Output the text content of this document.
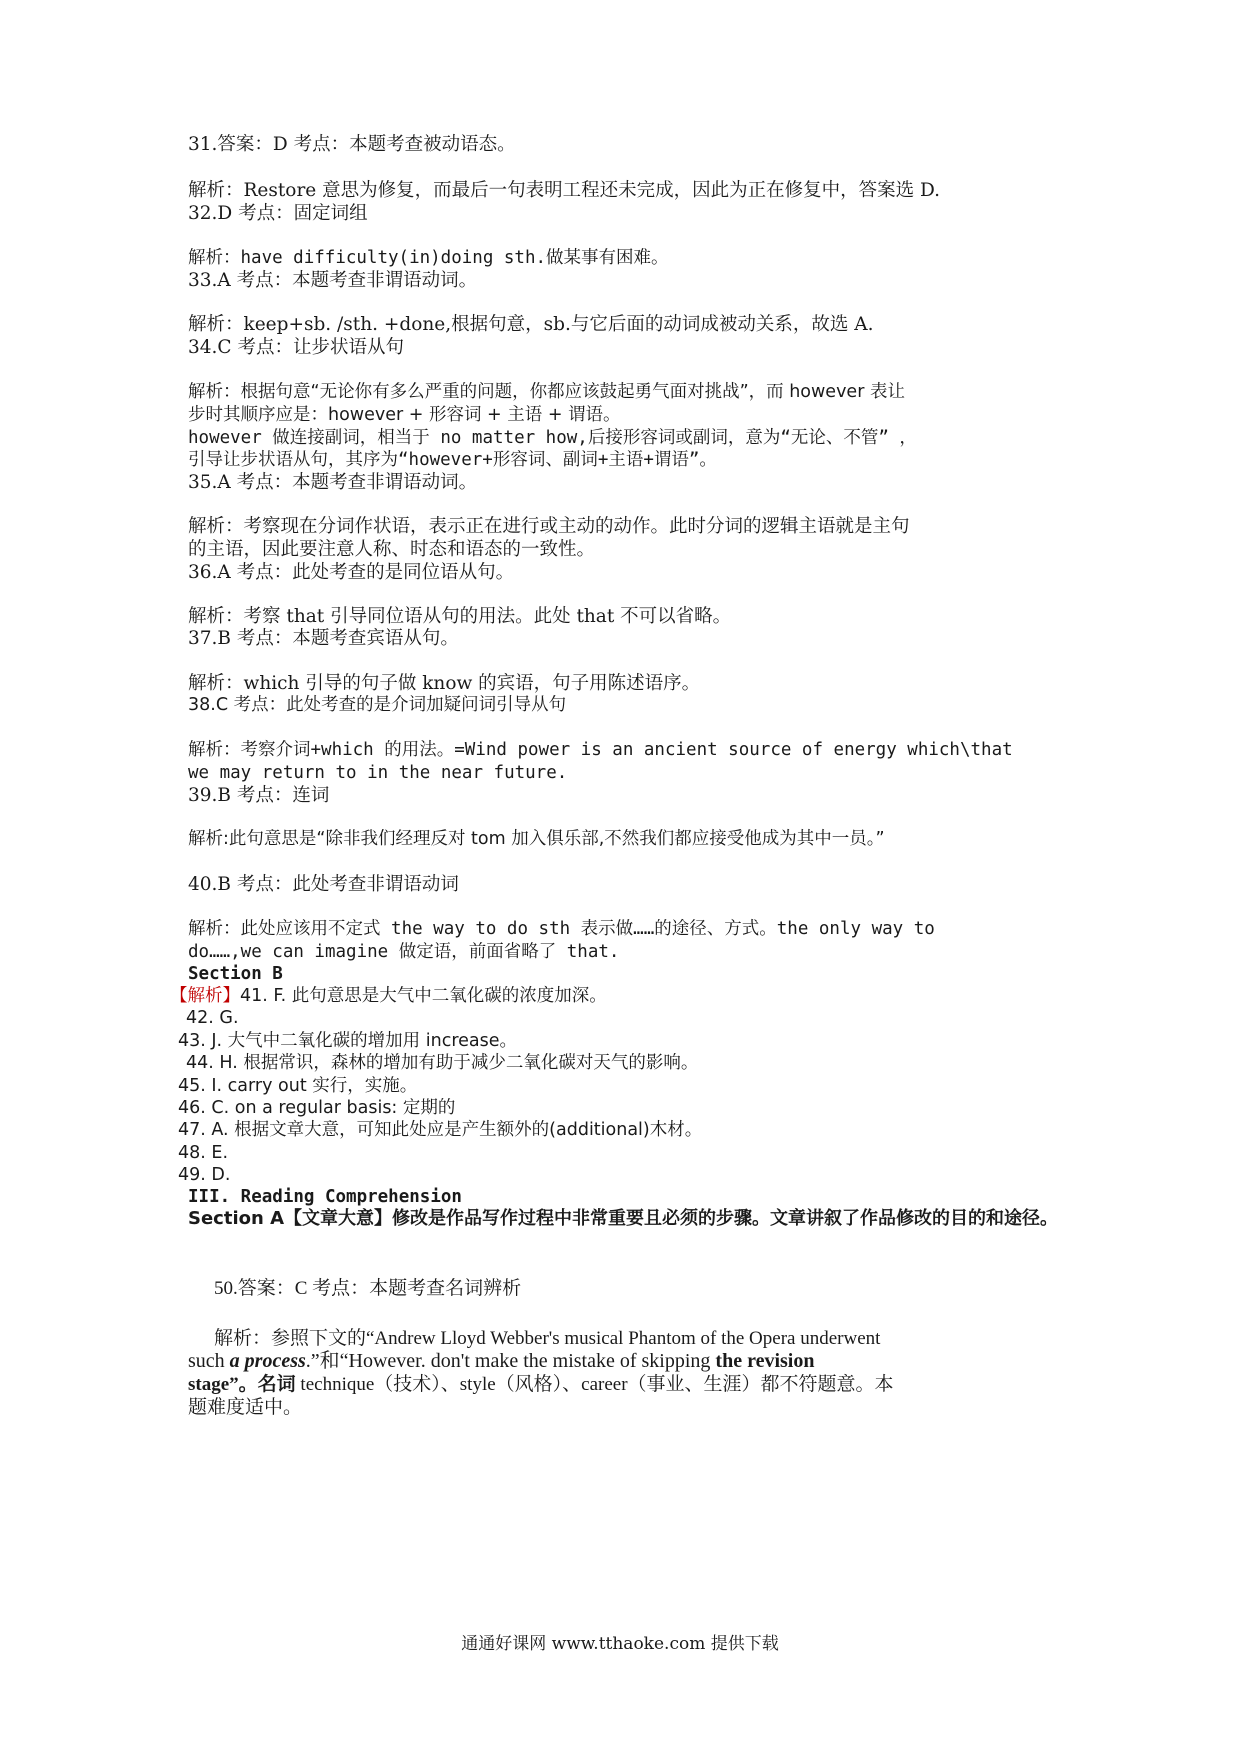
31.答案：D 考点：本题考查被动语态。
解析：Restore 意思为修复，而最后一句表明工程还未完成，因此为正在修复中，答案选 D.
32.D 考点：固定词组
解析：have difficulty(in)doing sth.做某事有困难。
33.A 考点：本题考查非谓语动词。
解析：keep+sb. /sth. +done,根据句意，sb.与它后面的动词成被动关系，故选 A.
34.C 考点：让步状语从句
解析：根据句意“无论你有多么严重的问题，你都应该鼓起勇气面对挑战”，而 however 表让
步时其顺序应是：however + 形容词 + 主语 + 谓语。
however 做连接副词，相当于 no matter how,后接形容词或副词，意为“无论、不管” ，
引导让步状语从句，其序为“however+形容词、副词+主语+谓语”。
35.A 考点：本题考查非谓语动词。
解析：考察现在分词作状语，表示正在进行或主动的动作。此时分词的逻辑主语就是主句
的主语，因此要注意人称、时态和语态的一致性。
36.A 考点：此处考查的是同位语从句。
解析：考察 that 引导同位语从句的用法。此处 that 不可以省略。
37.B 考点：本题考查宾语从句。
解析：which 引导的句子做 know 的宾语，句子用陈述语序。
38.C 考点：此处考查的是介词加疑问词引导从句
解析：考察介词+which 的用法。=Wind power is an ancient source of energy which\that
we may return to in the near future.
39.B 考点：连词
解析:此句意思是“除非我们经理反对 tom 加入俱乐部,不然我们都应接受他成为其中一员。”
40.B 考点：此处考查非谓语动词
解析：此处应该用不定式 the way to do sth 表示做……的途径、方式。the only way to
do……,we can imagine 做定语，前面省略了 that.
Section B
【解析】41. F. 此句意思是大气中二氧化碳的浓度加深。
42. G.
43. J. 大气中二氧化碳的增加用 increase。
44. H. 根据常识，森林的增加有助于减少二氧化碳对天气的影响。
45. I. carry out 实行，实施。
46. C. on a regular basis: 定期的
47. A. 根据文章大意，可知此处应是产生额外的(additional)木材。
48. E.
49. D.
III. Reading Comprehension
Section A【文章大意】修改是作品写作过程中非常重要且必须的步骤。文章讲叙了作品修改的目的和途径。
50.答案：C 考点：本题考查名词辨析
解析：参照下文的“Andrew Lloyd Webber's musical Phantom of the Opera underwent
such a process.”和“However. don't make the mistake of skipping the revision
stage”。名词 technique（技术）、style（风格）、career（事业、生涯）都不符题意。本
题难度适中。
通通好课网 www.tthaoke.com 提供下载
